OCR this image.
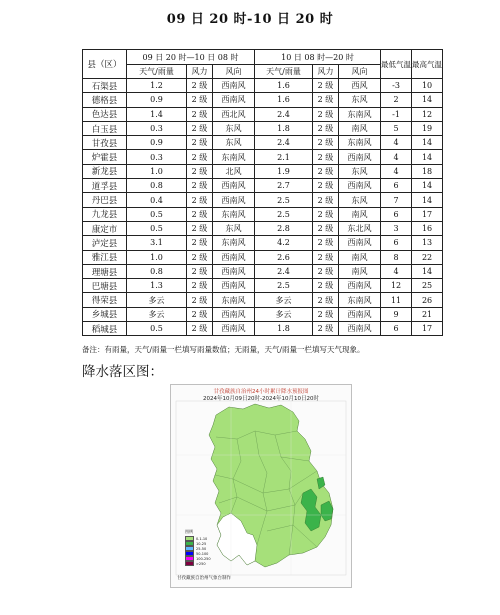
09 日 20 时-10 日 20 时
县（区）	09 日 20 时—10 日 08 时			10 日 08 时—20 时			最低气温	最高气温
	天气/雨量	风力	风向	天气/雨量	风力	风向		
石渠县	1.2	2 级	西南风	1.6	2 级	西风	-3	10
德格县	0.9	2 级	西南风	1.6	2 级	东风	2	14
色达县	1.4	2 级	西北风	2.4	2 级	东南风	-1	12
白玉县	0.3	2 级	东风	1.8	2 级	南风	5	19
甘孜县	0.9	2 级	东风	2.4	2 级	东南风	4	14
炉霍县	0.3	2 级	东南风	2.1	2 级	西南风	4	14
新龙县	1.0	2 级	北风	1.9	2 级	东风	4	18
道孚县	0.8	2 级	西南风	2.7	2 级	西南风	6	14
丹巴县	0.4	2 级	西南风	2.5	2 级	东风	7	14
九龙县	0.5	2 级	东南风	2.5	2 级	南风	6	17
康定市	0.5	2 级	东风	2.8	2 级	东北风	3	16
泸定县	3.1	2 级	东南风	4.2	2 级	西南风	6	13
雅江县	1.0	2 级	西南风	2.6	2 级	南风	8	22
理塘县	0.8	2 级	西南风	2.4	2 级	南风	4	14
巴塘县	1.3	2 级	西南风	2.5	2 级	西南风	12	25
得荣县	多云	2 级	东南风	多云	2 级	东南风	11	26
乡城县	多云	2 级	西南风	多云	2 级	西南风	9	21
稻城县	0.5	2 级	西南风	1.8	2 级	西南风	6	17
备注：有雨量，天气/雨量一栏填写雨量数值；无雨量，天气/雨量一栏填写天气现象。
降水落区图：
甘孜藏族自治州24小时累计降水预报图
2024年10月09日20时-2024年10月10日20时
图例
0.1-10
10-25
25-50
50-100
100-250
>250
甘孜藏族自治州气象台制作
